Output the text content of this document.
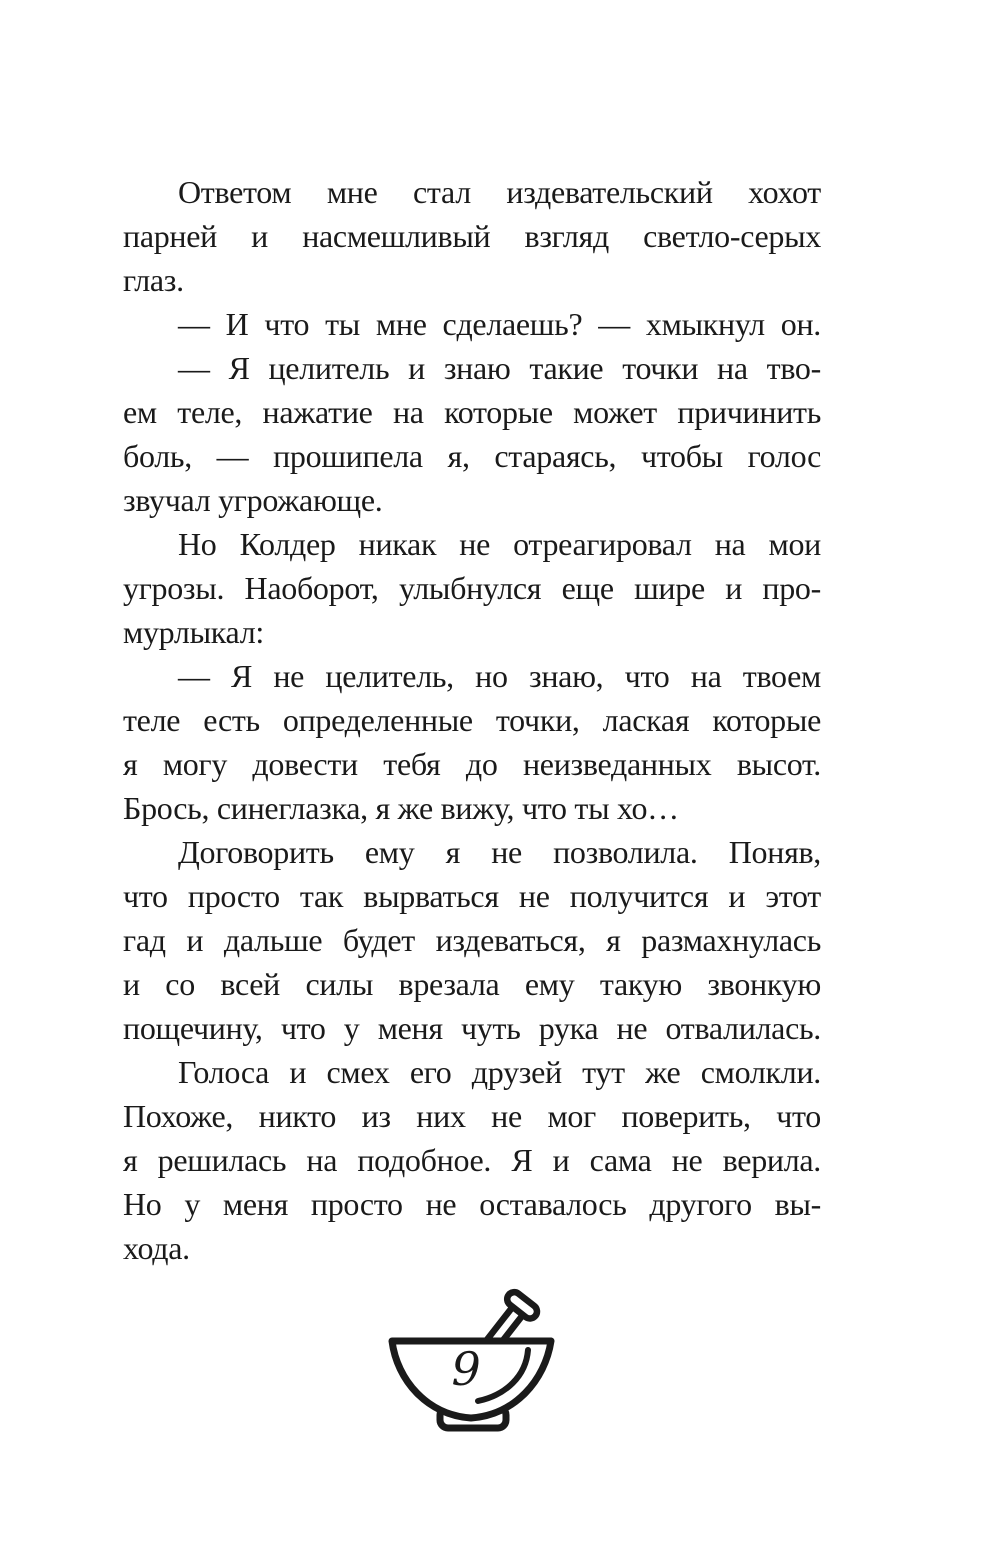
Ответом мне стал издевательский хохот
парней и насмешливый взгляд светло-серых
глаз.
— И что ты мне сделаешь? — хмыкнул он.
— Я целитель и знаю такие точки на тво-
ем теле, нажатие на которые может причинить
боль, — прошипела я, стараясь, чтобы голос
звучал угрожающе.
Но Колдер никак не отреагировал на мои
угрозы. Наоборот, улыбнулся еще шире и про-
мурлыкал:
— Я не целитель, но знаю, что на твоем
теле есть определенные точки, лаская которые
я могу довести тебя до неизведанных высот.
Брось, синеглазка, я же вижу, что ты хо…
Договорить ему я не позволила. Поняв,
что просто так вырваться не получится и этот
гад и дальше будет издеваться, я размахнулась
и со всей силы врезала ему такую звонкую
пощечину, что у меня чуть рука не отвалилась.
Голоса и смех его друзей тут же смолкли.
Похоже, никто из них не мог поверить, что
я решилась на подобное. Я и сама не верила.
Но у меня просто не оставалось другого вы-
хода.
9
